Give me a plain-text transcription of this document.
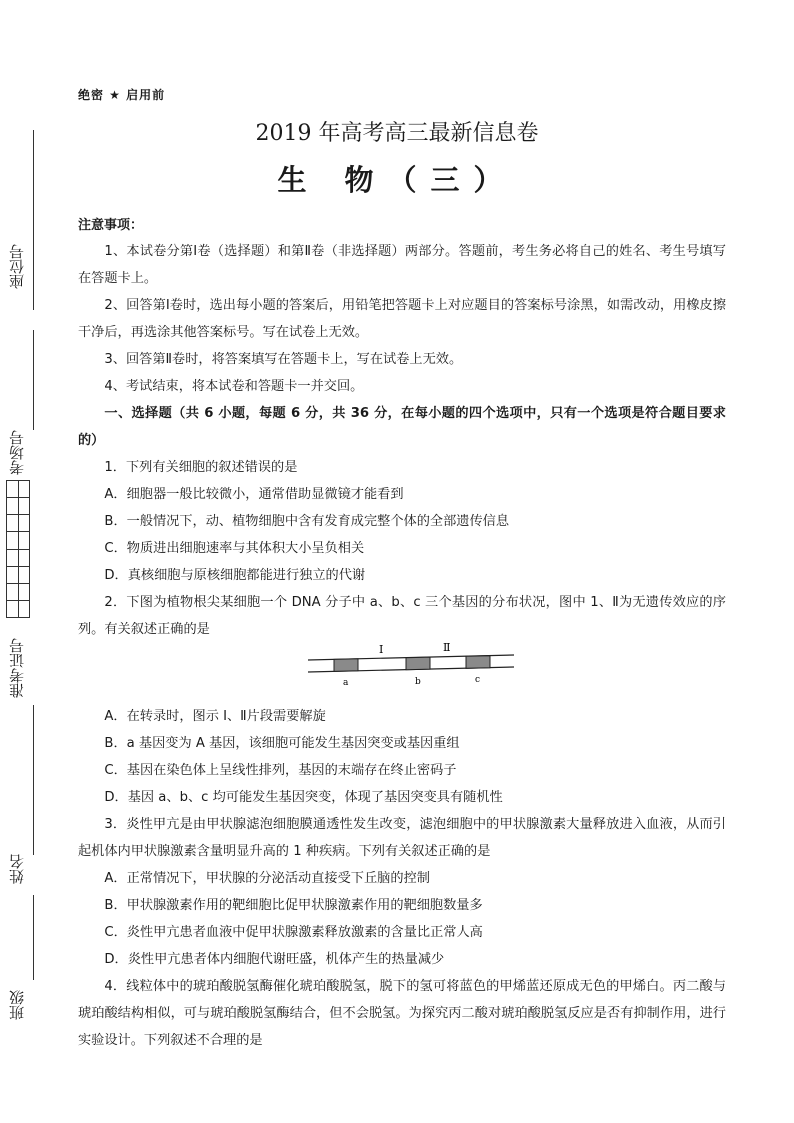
座位号
考场号

准考证号
姓名
班级
绝密 ★ 启用前
2019 年高考高三最新信息卷
生 物（三）
注意事项：

1、本试卷分第Ⅰ卷（选择题）和第Ⅱ卷（非选择题）两部分。答题前，考生务必将自己的姓名、考生号填写在答题卡上。

2、回答第Ⅰ卷时，选出每小题的答案后，用铅笔把答题卡上对应题目的答案标号涂黑，如需改动，用橡皮擦干净后，再选涂其他答案标号。写在试卷上无效。

3、回答第Ⅱ卷时，将答案填写在答题卡上，写在试卷上无效。

4、考试结束，将本试卷和答题卡一并交回。

一、选择题（共 6 小题，每题 6 分，共 36 分，在每小题的四个选项中，只有一个选项是符合题目要求的）

1．下列有关细胞的叙述错误的是

A．细胞器一般比较微小，通常借助显微镜才能看到

B．一般情况下，动、植物细胞中含有发育成完整个体的全部遗传信息

C．物质进出细胞速率与其体积大小呈负相关

D．真核细胞与原核细胞都能进行独立的代谢

2．下图为植物根尖某细胞一个 DNA 分子中 a、b、c 三个基因的分布状况，图中 1、Ⅱ为无遗传效应的序列。有关叙述正确的是

Ⅰ	Ⅱ
a	b	c

A．在转录时，图示 I、Ⅱ片段需要解旋

B．a 基因变为 A 基因，该细胞可能发生基因突变或基因重组

C．基因在染色体上呈线性排列，基因的末端存在终止密码子

D．基因 a、b、c 均可能发生基因突变，体现了基因突变具有随机性

3．炎性甲亢是由甲状腺滤泡细胞膜通透性发生改变，滤泡细胞中的甲状腺激素大量释放进入血液，从而引起机体内甲状腺激素含量明显升高的 1 种疾病。下列有关叙述正确的是

A．正常情况下，甲状腺的分泌活动直接受下丘脑的控制

B．甲状腺激素作用的靶细胞比促甲状腺激素作用的靶细胞数量多

C．炎性甲亢患者血液中促甲状腺激素释放激素的含量比正常人高

D．炎性甲亢患者体内细胞代谢旺盛，机体产生的热量减少

4．线粒体中的琥珀酸脱氢酶催化琥珀酸脱氢，脱下的氢可将蓝色的甲烯蓝还原成无色的甲烯白。丙二酸与琥珀酸结构相似，可与琥珀酸脱氢酶结合，但不会脱氢。为探究丙二酸对琥珀酸脱氢反应是否有抑制作用，进行实验设计。下列叙述不合理的是
